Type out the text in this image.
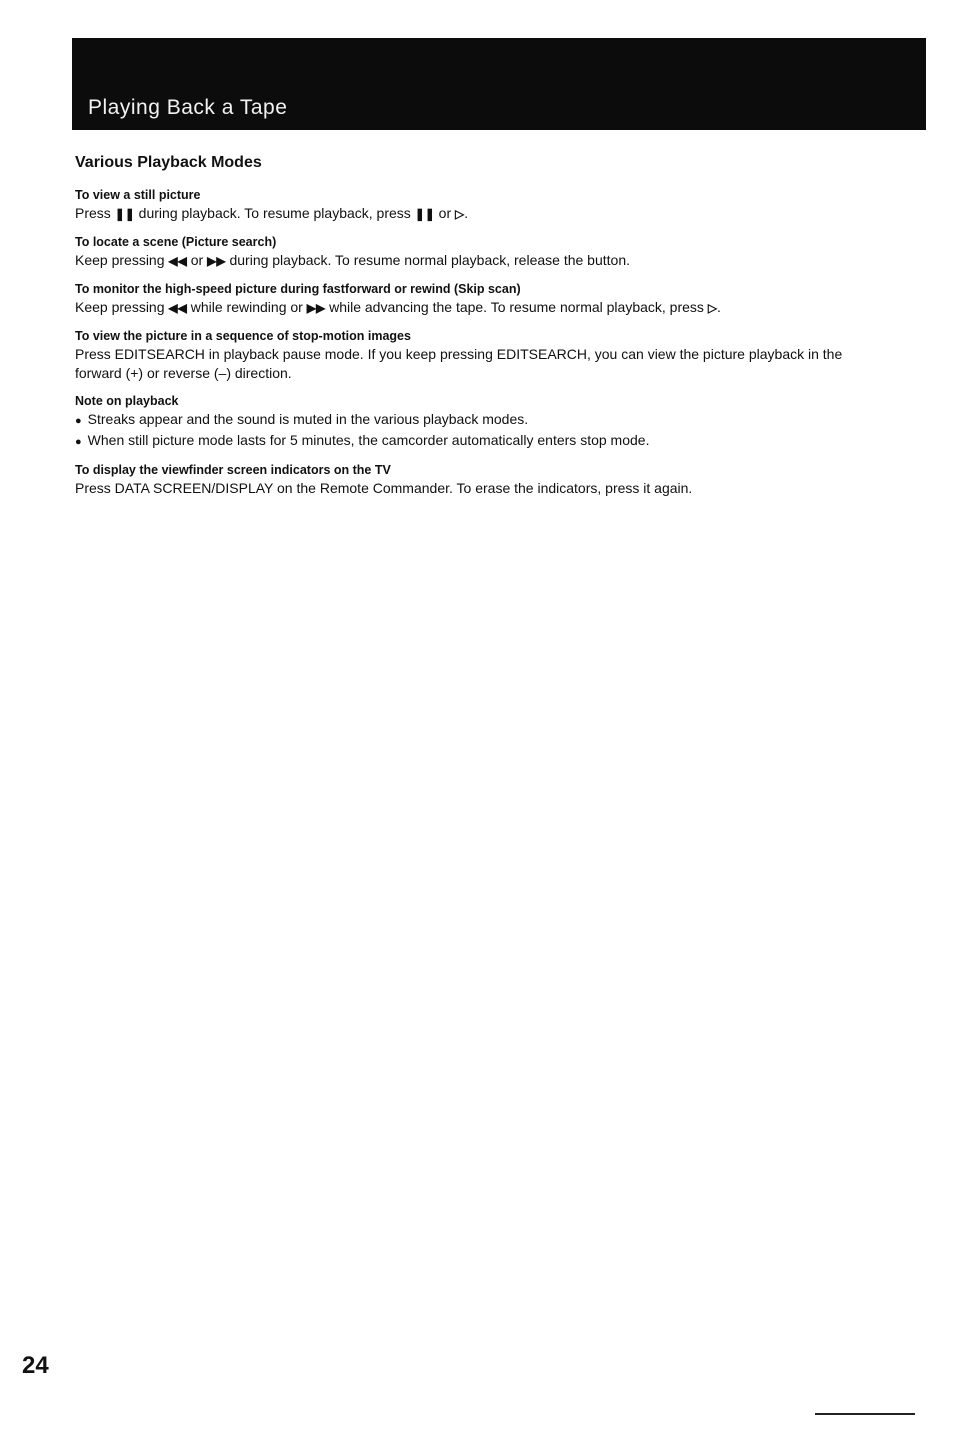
Playing Back a Tape
Various Playback Modes
To view a still picture
Press ❚❚ during playback. To resume playback, press ❚❚ or ▷.
To locate a scene (Picture search)
Keep pressing ◀◀ or ▶▶ during playback. To resume normal playback, release the button.
To monitor the high-speed picture during fastforward or rewind (Skip scan)
Keep pressing ◀◀ while rewinding or ▶▶ while advancing the tape. To resume normal playback, press ▷.
To view the picture in a sequence of stop-motion images
Press EDITSEARCH in playback pause mode. If you keep pressing EDITSEARCH, you can view the picture playback in the forward (+) or reverse (–) direction.
Note on playback
● Streaks appear and the sound is muted in the various playback modes.
● When still picture mode lasts for 5 minutes, the camcorder automatically enters stop mode.
To display the viewfinder screen indicators on the TV
Press DATA SCREEN/DISPLAY on the Remote Commander. To erase the indicators, press it again.
24
